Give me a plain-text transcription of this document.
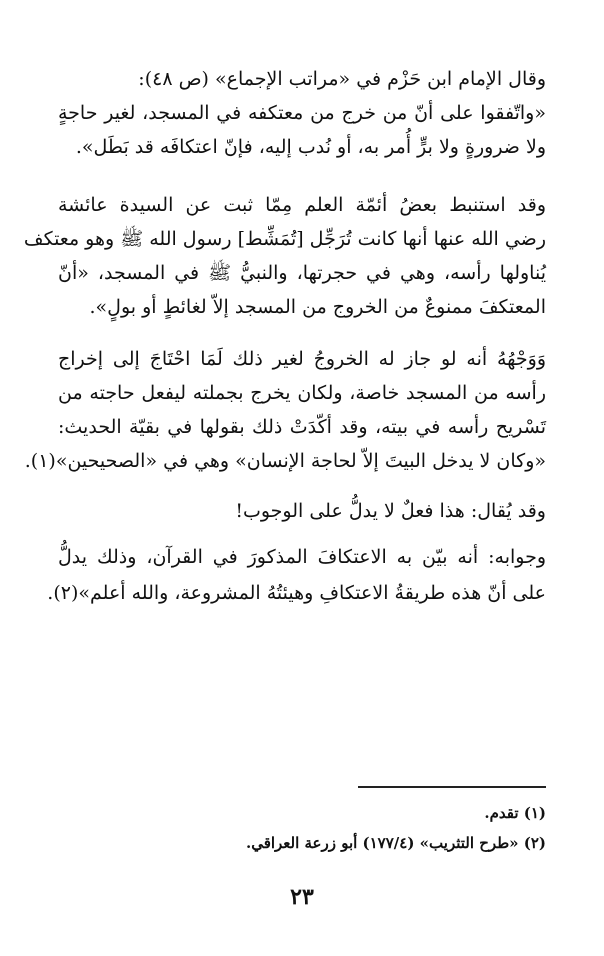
وقال الإمام ابن حَزْم في «مراتب الإجماع» (ص ٤٨):
«واتّفقوا على أنّ من خرج من معتكفه في المسجد، لغير حاجةٍ
ولا ضرورةٍ ولا برٍّ أُمر به، أو نُدب إليه، فإنّ اعتكافَه قد بَطَل».
وقد استنبط بعضُ أئمّة العلم مِمّا ثبت عن السيدة عائشة
رضي الله عنها أنها كانت تُرَجِّل [تُمَشِّط] رسول الله ﷺ وهو معتكف
يُناولها رأسه، وهي في حجرتها، والنبيُّ ﷺ في المسجد، «أنّ
المعتكفَ ممنوعٌ من الخروج من المسجد إلاّ لغائطٍ أو بولٍ».
وَوَجْهُهُ أنه لو جاز له الخروجُ لغير ذلك لَمَا احْتَاجَ إلى إخراج
رأسه من المسجد خاصة، ولكان يخرج بجملته ليفعل حاجته من
تَسْريح رأسه في بيته، وقد أكّدَتْ ذلك بقولها في بقيّة الحديث:
«وكان لا يدخل البيتَ إلاّ لحاجة الإنسان» وهي في «الصحيحين»(١).
وقد يُقال: هذا فعلٌ لا يدلُّ على الوجوب!
وجوابه: أنه بيّن به الاعتكافَ المذكورَ في القرآن، وذلك يدلُّ
على أنّ هذه طريقةُ الاعتكافِ وهيئتُهُ المشروعة، والله أعلم»(٢).
(١) تقدم.
(٢) «طرح التثريب» (١٧٧/٤) أبو زرعة العراقي.
٢٣
